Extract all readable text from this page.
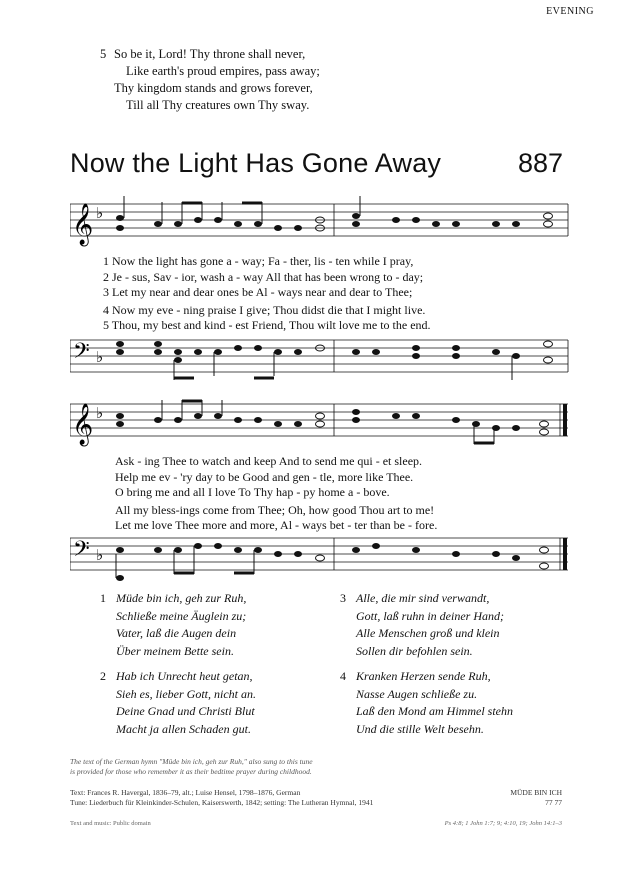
EVENING
5 So be it, Lord! Thy throne shall never,
Like earth's proud empires, pass away;
Thy kingdom stands and grows forever,
Till all Thy creatures own Thy sway.
Now the Light Has Gone Away	887
𝄞 ♭
1 Now the light has gone a - way; Fa - ther, lis - ten while I pray,
2 Je - sus, Sav - ior, wash a - way All that has been wrong to - day;
3 Let my near and dear ones be Al - ways near and dear to Thee;
4 Now my eve - ning praise I give; Thou didst die that I might live.
5 Thou, my best and kind - est Friend, Thou wilt love me to the end.
𝄢 ♭
𝄞 ♭
Ask - ing Thee to watch and keep And to send me qui - et sleep.
Help me ev - 'ry day to be Good and gen - tle, more like Thee.
O bring me and all I love To Thy hap - py home a - bove.
All my bless-ings come from Thee; Oh, how good Thou art to me!
Let me love Thee more and more, Al - ways bet - ter than be - fore.
𝄢 ♭
1 Müde bin ich, geh zur Ruh,
Schließe meine Äuglein zu;
Vater, laß die Augen dein
Über meinem Bette sein.
2 Hab ich Unrecht heut getan,
Sieh es, lieber Gott, nicht an.
Deine Gnad und Christi Blut
Macht ja allen Schaden gut.
3 Alle, die mir sind verwandt,
Gott, laß ruhn in deiner Hand;
Alle Menschen groß und klein
Sollen dir befohlen sein.
4 Kranken Herzen sende Ruh,
Nasse Augen schließe zu.
Laß den Mond am Himmel stehn
Und die stille Welt besehn.
The text of the German hymn "Müde bin ich, geh zur Ruh," also sung to this tune
is provided for those who remember it as their bedtime prayer during childhood.
Text: Frances R. Havergal, 1836–79, alt.; Luise Hensel, 1798–1876, German
Tune: Liederbuch für Kleinkinder-Schulen, Kaiserswerth, 1842; setting: The Lutheran Hymnal, 1941
MÜDE BIN ICH
77 77
Text and music: Public domain	Ps 4:8; 1 John 1:7; 9; 4:10, 19; John 14:1–3
